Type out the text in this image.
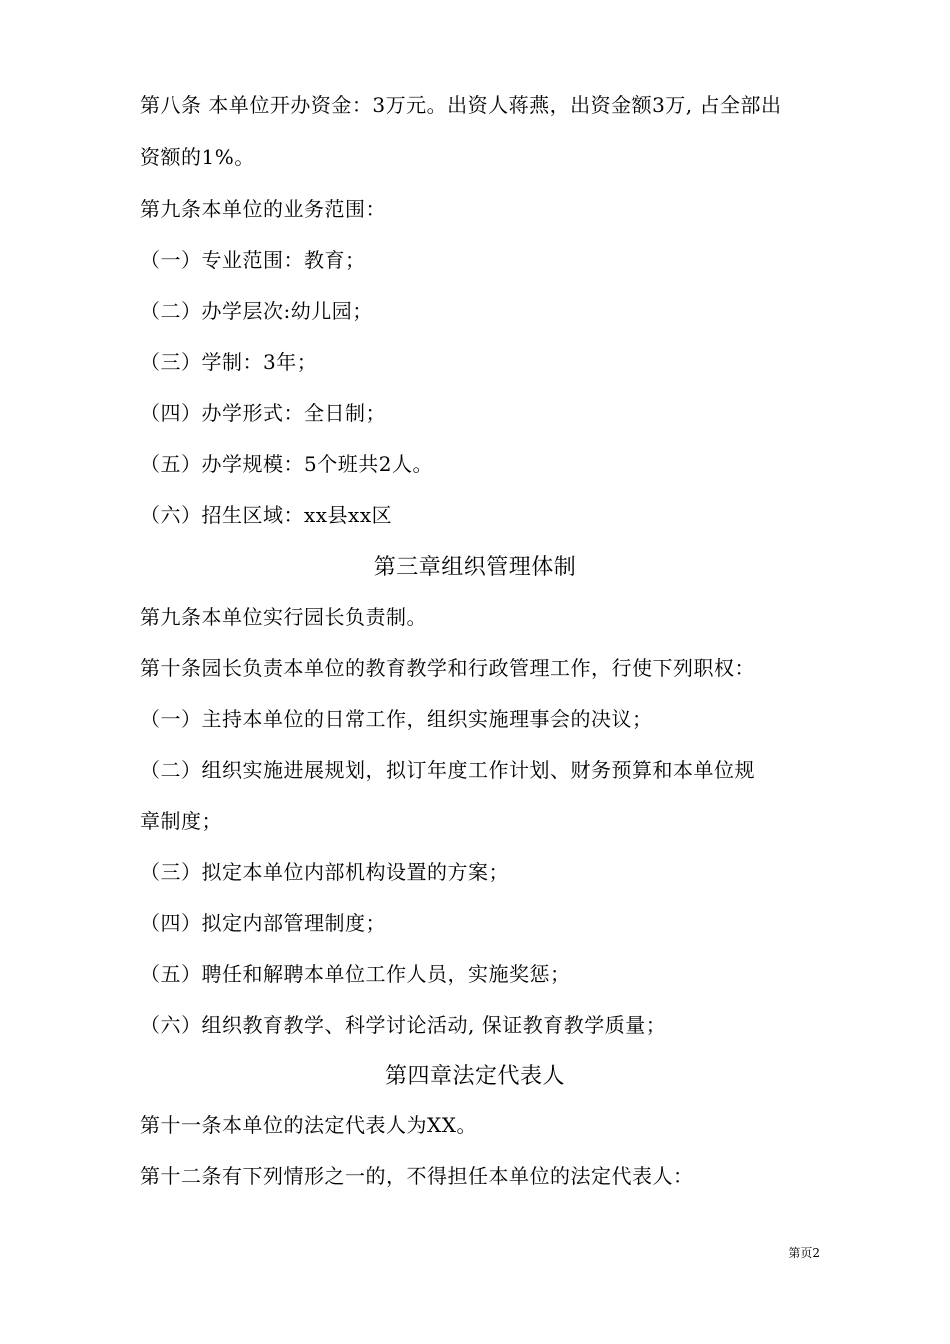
第八条 本单位开办资金：3万元。出资人蒋燕，出资金额3万, 占全部出
资额的1%。
第九条本单位的业务范围：
（一）专业范围：教育；
（二）办学层次:幼儿园；
（三）学制：3年；
（四）办学形式：全日制；
（五）办学规模：5个班共2人。
（六）招生区域：xx县xx区
第三章组织管理体制
第九条本单位实行园长负责制。
第十条园长负责本单位的教育教学和行政管理工作，行使下列职权：
（一）主持本单位的日常工作，组织实施理事会的决议；
（二）组织实施进展规划，拟订年度工作计划、财务预算和本单位规
章制度；
（三）拟定本单位内部机构设置的方案；
（四）拟定内部管理制度；
（五）聘任和解聘本单位工作人员，实施奖惩；
（六）组织教育教学、科学讨论活动, 保证教育教学质量；
第四章法定代表人
第十一条本单位的法定代表人为XX。
第十二条有下列情形之一的，不得担任本单位的法定代表人：
第页2
